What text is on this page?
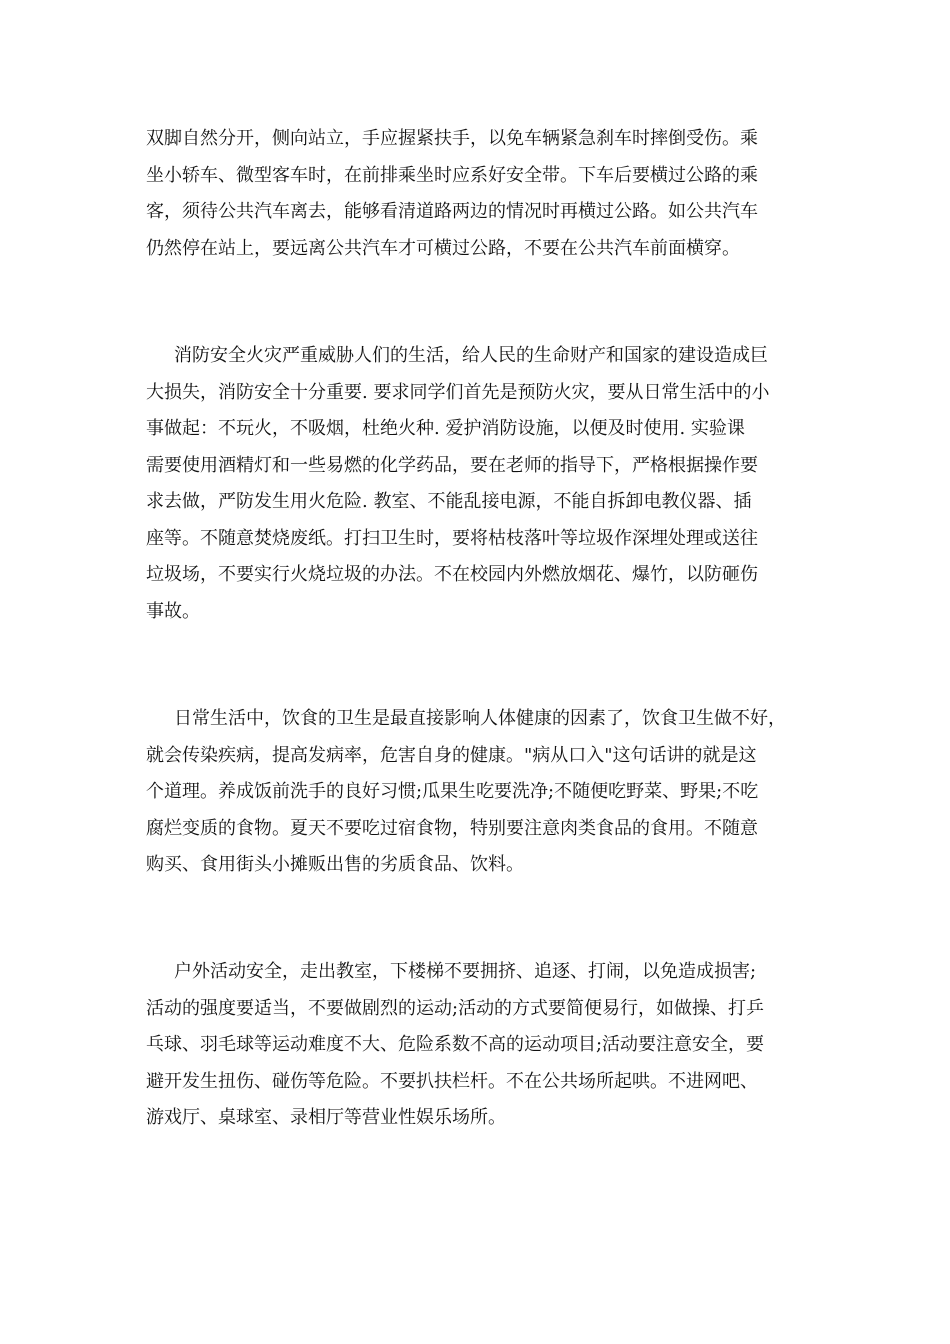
双脚自然分开，侧向站立，手应握紧扶手，以免车辆紧急刹车时摔倒受伤。乘
坐小轿车、微型客车时，在前排乘坐时应系好安全带。下车后要横过公路的乘
客，须待公共汽车离去，能够看清道路两边的情况时再横过公路。如公共汽车
仍然停在站上，要远离公共汽车才可横过公路，不要在公共汽车前面横穿。

消防安全火灾严重威胁人们的生活，给人民的生命财产和国家的建设造成巨
大损失，消防安全十分重要. 要求同学们首先是预防火灾，要从日常生活中的小
事做起：不玩火，不吸烟，杜绝火种. 爱护消防设施，以便及时使用. 实验课
需要使用酒精灯和一些易燃的化学药品，要在老师的指导下，严格根据操作要
求去做，严防发生用火危险. 教室、不能乱接电源，不能自拆卸电教仪器、插
座等。不随意焚烧废纸。打扫卫生时，要将枯枝落叶等垃圾作深埋处理或送往
垃圾场，不要实行火烧垃圾的办法。不在校园内外燃放烟花、爆竹，以防砸伤
事故。

日常生活中，饮食的卫生是最直接影响人体健康的因素了，饮食卫生做不好，
就会传染疾病，提高发病率，危害自身的健康。"病从口入"这句话讲的就是这
个道理。养成饭前洗手的良好习惯;瓜果生吃要洗净;不随便吃野菜、野果;不吃
腐烂变质的食物。夏天不要吃过宿食物，特别要注意肉类食品的食用。不随意
购买、食用街头小摊贩出售的劣质食品、饮料。

户外活动安全，走出教室，下楼梯不要拥挤、追逐、打闹，以免造成损害;
活动的强度要适当，不要做剧烈的运动;活动的方式要简便易行，如做操、打乒
乓球、羽毛球等运动难度不大、危险系数不高的运动项目;活动要注意安全，要
避开发生扭伤、碰伤等危险。不要扒扶栏杆。不在公共场所起哄。不进网吧、
游戏厅、桌球室、录相厅等营业性娱乐场所。
